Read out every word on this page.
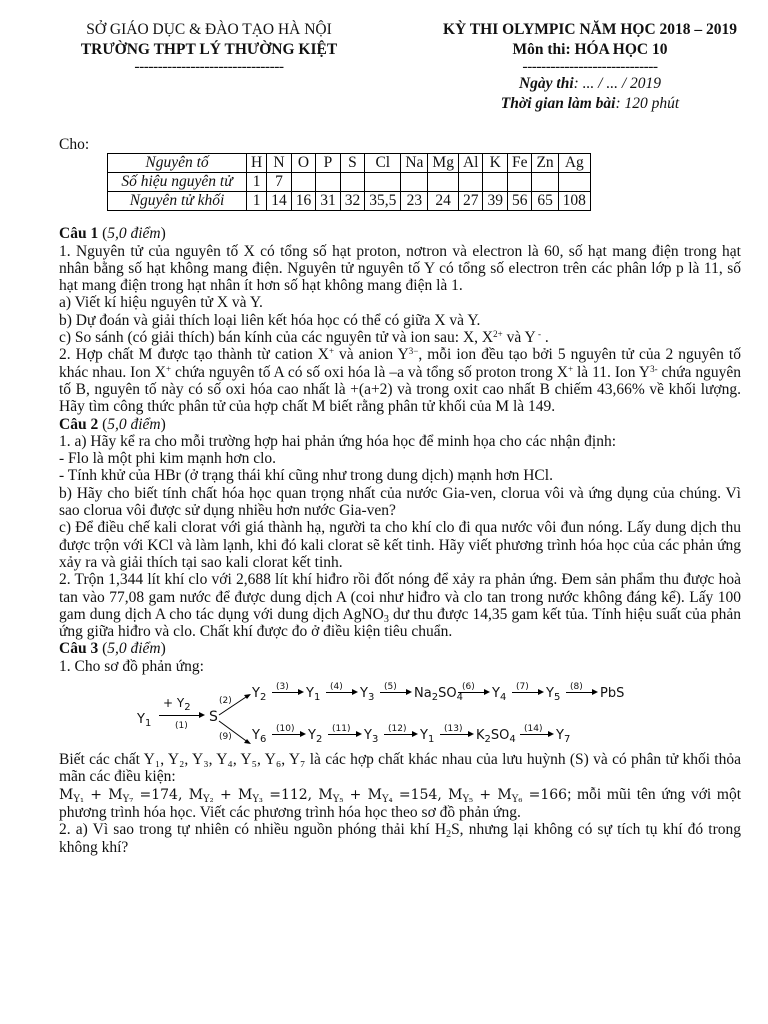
SỞ GIÁO DỤC & ĐÀO TẠO HÀ NỘI
TRƯỜNG THPT LÝ THƯỜNG KIỆT
--------------------------------
KỲ THI OLYMPIC NĂM HỌC 2018 – 2019
Môn thi: HÓA HỌC 10
-----------------------------
Ngày thi: ... / ... / 2019
Thời gian làm bài: 120 phút
Cho:
Nguyên tố	H	N	O	P	S	Cl	Na	Mg	Al	K	Fe	Zn	Ag
Số hiệu nguyên tử	1	7											
Nguyên tử khối	1	14	16	31	32	35,5	23	24	27	39	56	65	108
Câu 1 (5,0 điểm)

1. Nguyên tử của nguyên tố X có tổng số hạt proton, nơtron và electron là 60, số hạt mang điện trong hạt nhân bằng số hạt không mang điện. Nguyên tử nguyên tố Y có tổng số electron trên các phân lớp p là 11, số hạt mang điện trong hạt nhân ít hơn số hạt không mang điện là 1.

a) Viết kí hiệu nguyên tử X và Y.

b) Dự đoán và giải thích loại liên kết hóa học có thể có giữa X và Y.

c) So sánh (có giải thích) bán kính của các nguyên tử và ion sau: X, $X^{2+}$ và Y - .

2. Hợp chất M được tạo thành từ cation X+ và anion $Y^{3-}$, mỗi ion đều tạo bởi 5 nguyên tử của 2 nguyên tố khác nhau. Ion X+ chứa nguyên tố A có số oxi hóa là –a và tổng số proton trong X+ là 11. Ion $Y^{3-}$ chứa nguyên tố B, nguyên tố này có số oxi hóa cao nhất là +(a+2) và trong oxit cao nhất B chiếm 43,66% về khối lượng. Hãy tìm công thức phân tử của hợp chất M biết rằng phân tử khối của M là 149.

Câu 2 (5,0 điểm)

1. a) Hãy kể ra cho mỗi trường hợp hai phản ứng hóa học để minh họa cho các nhận định:

- Flo là một phi kim mạnh hơn clo.

- Tính khử của HBr (ở trạng thái khí cũng như trong dung dịch) mạnh hơn HCl.

b) Hãy cho biết tính chất hóa học quan trọng nhất của nước Gia-ven, clorua vôi và ứng dụng của chúng. Vì sao clorua vôi được sử dụng nhiều hơn nước Gia-ven?

c) Để điều chế kali clorat với giá thành hạ, người ta cho khí clo đi qua nước vôi đun nóng. Lấy dung dịch thu được trộn với KCl và làm lạnh, khi đó kali clorat sẽ kết tinh. Hãy viết phương trình hóa học của các phản ứng xảy ra và giải thích tại sao kali clorat kết tinh.

2. Trộn 1,344 lít khí clo với 2,688 lít khí hiđro rồi đốt nóng để xảy ra phản ứng. Đem sản phẩm thu được hoà tan vào 77,08 gam nước để được dung dịch A (coi như hiđro và clo tan trong nước không đáng kể). Lấy 100 gam dung dịch A cho tác dụng với dung dịch AgNO$_3$ dư thu được 14,35 gam kết tủa. Tính hiệu suất của phản ứng giữa hiđro và clo. Chất khí được đo ở điều kiện tiêu chuẩn.

Câu 3 (5,0 điểm)

1. Cho sơ đồ phản ứng:

$Y_1$
+ $Y_2$
(1)
S
(2)
(9)
$Y_2$
(3) $Y_1$
(4) $Y_3$
(5) $Na_2SO_4$
(6) $Y_4$
(7) $Y_5$
(8) PbS
$Y_6$
(10) $Y_2$
(11) $Y_3$
(12) $Y_1$
(13) $K_2SO_4$
(14) $Y_7$

Biết các chất Y₁, Y₂, Y₃, Y₄, Y₅, Y₆, Y₇ là các hợp chất khác nhau của lưu huỳnh (S) và có phân tử khối thỏa mãn các điều kiện:

$M_{Y_1} + M_{Y_7} =174$, $M_{Y_2} + M_{Y_3} =112$, $M_{Y_5} + M_{Y_4} =154$, $M_{Y_5} + M_{Y_6} =166$; mỗi mũi tên ứng với một phương trình hóa học. Viết các phương trình hóa học theo sơ đồ phản ứng.

2. a) Vì sao trong tự nhiên có nhiều nguồn phóng thải khí $H_2S$, nhưng lại không có sự tích tụ khí đó trong không khí?
